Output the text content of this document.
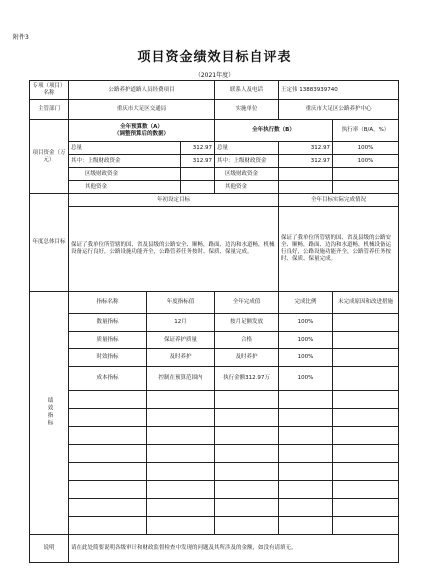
附件3
项目资金绩效目标自评表
（2021年度）
专项（项目）名称	公路养护道路人员经费项目			联系人及电话	王定伟 13883939740	
主管部门	重庆市大足区交通局			实施单位	重庆市大足区公路养护中心	
项目资金（万元）	全年预算数（A）
（调整预算后的数据）			全年执行数（B）		执行率（B/A，%）
	总量		312.97	总量	312.97	100%
	其中：上级财政资金		312.97	其中：上级财政资金	312.97	100%
	区级财政资金			区级财政资金		
	其他资金			其他资金		
年度总体目标	年初设定目标				全年目标实际完成情况	
	保证了我单位所管辖的国、省及县级的公路安全、顺畅，路面、边沟和水道畅，机械设备运行良好，公路设施功能齐全，公路管养任务按时、保质、保量完成。				保证了我单位所管辖的国、省及县级的公路安全、顺畅，路面、边沟和水道畅，机械设备运行良好，公路设施功能齐全，公路管养任务按时、保质、保量完成。	
绩效指标	指标名称	年度指标值		全年完成值	完成比例	未完成原因和改进措施
	数量指标	12月		按月足额发放	100%	
	质量指标	保证养护质量		合格	100%	
	时效指标	及时养护		及时养护	100%	
	成本指标	控制在预算范围内		执行金额312.97万	100%	

说明	请在此处简要说明各级审计和财政监督检查中发现的问题及其所涉及的金额，如没有请填无。					
